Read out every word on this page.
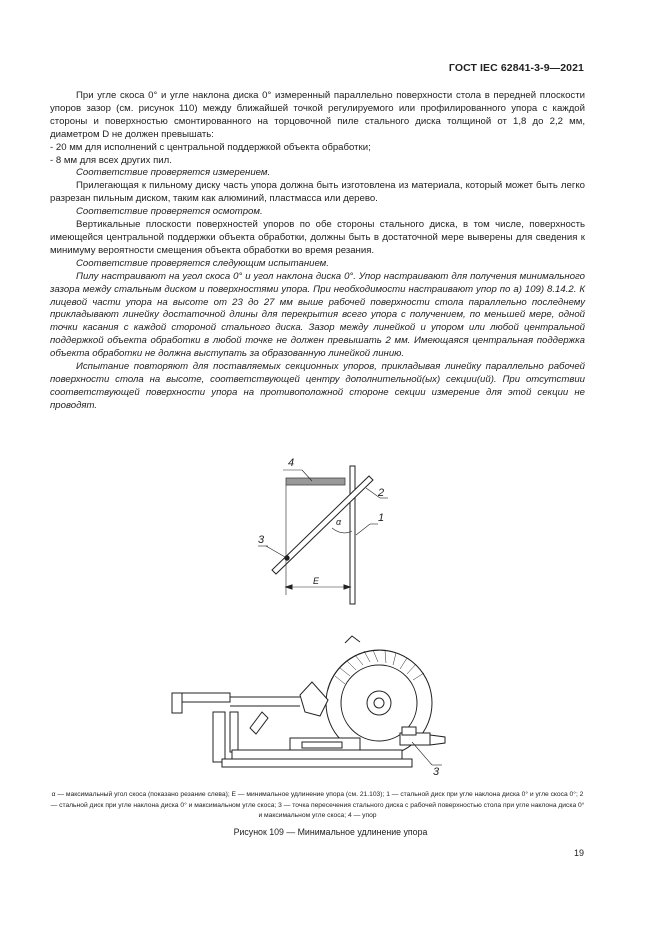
ГОСТ IEC 62841-3-9—2021

При угле скоса 0° и угле наклона диска 0° измеренный параллельно поверхности стола в передней плоскости упоров зазор (см. рисунок 110) между ближайшей точкой регулируемого или профилированного упора с каждой стороны и поверхностью смонтированного на торцовочной пиле стального диска толщиной от 1,8 до 2,2 мм, диаметром D не должен превышать:

- 20 мм для исполнений с центральной поддержкой объекта обработки;

- 8 мм для всех других пил.

Соответствие проверяется измерением.

Прилегающая к пильному диску часть упора должна быть изготовлена из материала, который может быть легко разрезан пильным диском, таким как алюминий, пластмасса или дерево.

Соответствие проверяется осмотром.

Вертикальные плоскости поверхностей упоров по обе стороны стального диска, в том числе, поверхность имеющейся центральной поддержки объекта обработки, должны быть в достаточной мере выверены для сведения к минимуму вероятности смещения объекта обработки во время резания.

Соответствие проверяется следующим испытанием.

Пилу настраивают на угол скоса 0° и угол наклона диска 0°. Упор настраивают для получения минимального зазора между стальным диском и поверхностями упора. При необходимости настраивают упор по а) 109) 8.14.2. К лицевой части упора на высоте от 23 до 27 мм выше рабочей поверхности стола параллельно последнему прикладывают линейку достаточной длины для перекрытия всего упора с получением, по меньшей мере, одной точки касания с каждой стороной стального диска. Зазор между линейкой и упором или любой центральной поддержкой объекта обработки в любой точке не должен превышать 2 мм. Имеющаяся центральная поддержка объекта обработки не должна выступать за образованную линейкой линию.

Испытание повторяют для поставляемых секционных упоров, прикладывая линейку параллельно рабочей поверхности стола на высоте, соответствующей центру дополнительной(ых) секции(ий). При отсутствии соответствующей поверхности упора на противоположной стороне секции измерение для этой секции не проводят.

4
2
1
3
α
E
3
α — максимальный угол скоса (показано резание слева); E — минимальное удлинение упора (см. 21.103); 1 — стальной диск при угле наклона диска 0° и угле скоса 0°; 2 — стальной диск при угле наклона диска 0° и максимальном угле скоса; 3 — точка пересечения стального диска с рабочей поверхностью стола при угле наклона диска 0° и максимальном угле скоса; 4 — упор
Рисунок 109 — Минимальное удлинение упора
19
